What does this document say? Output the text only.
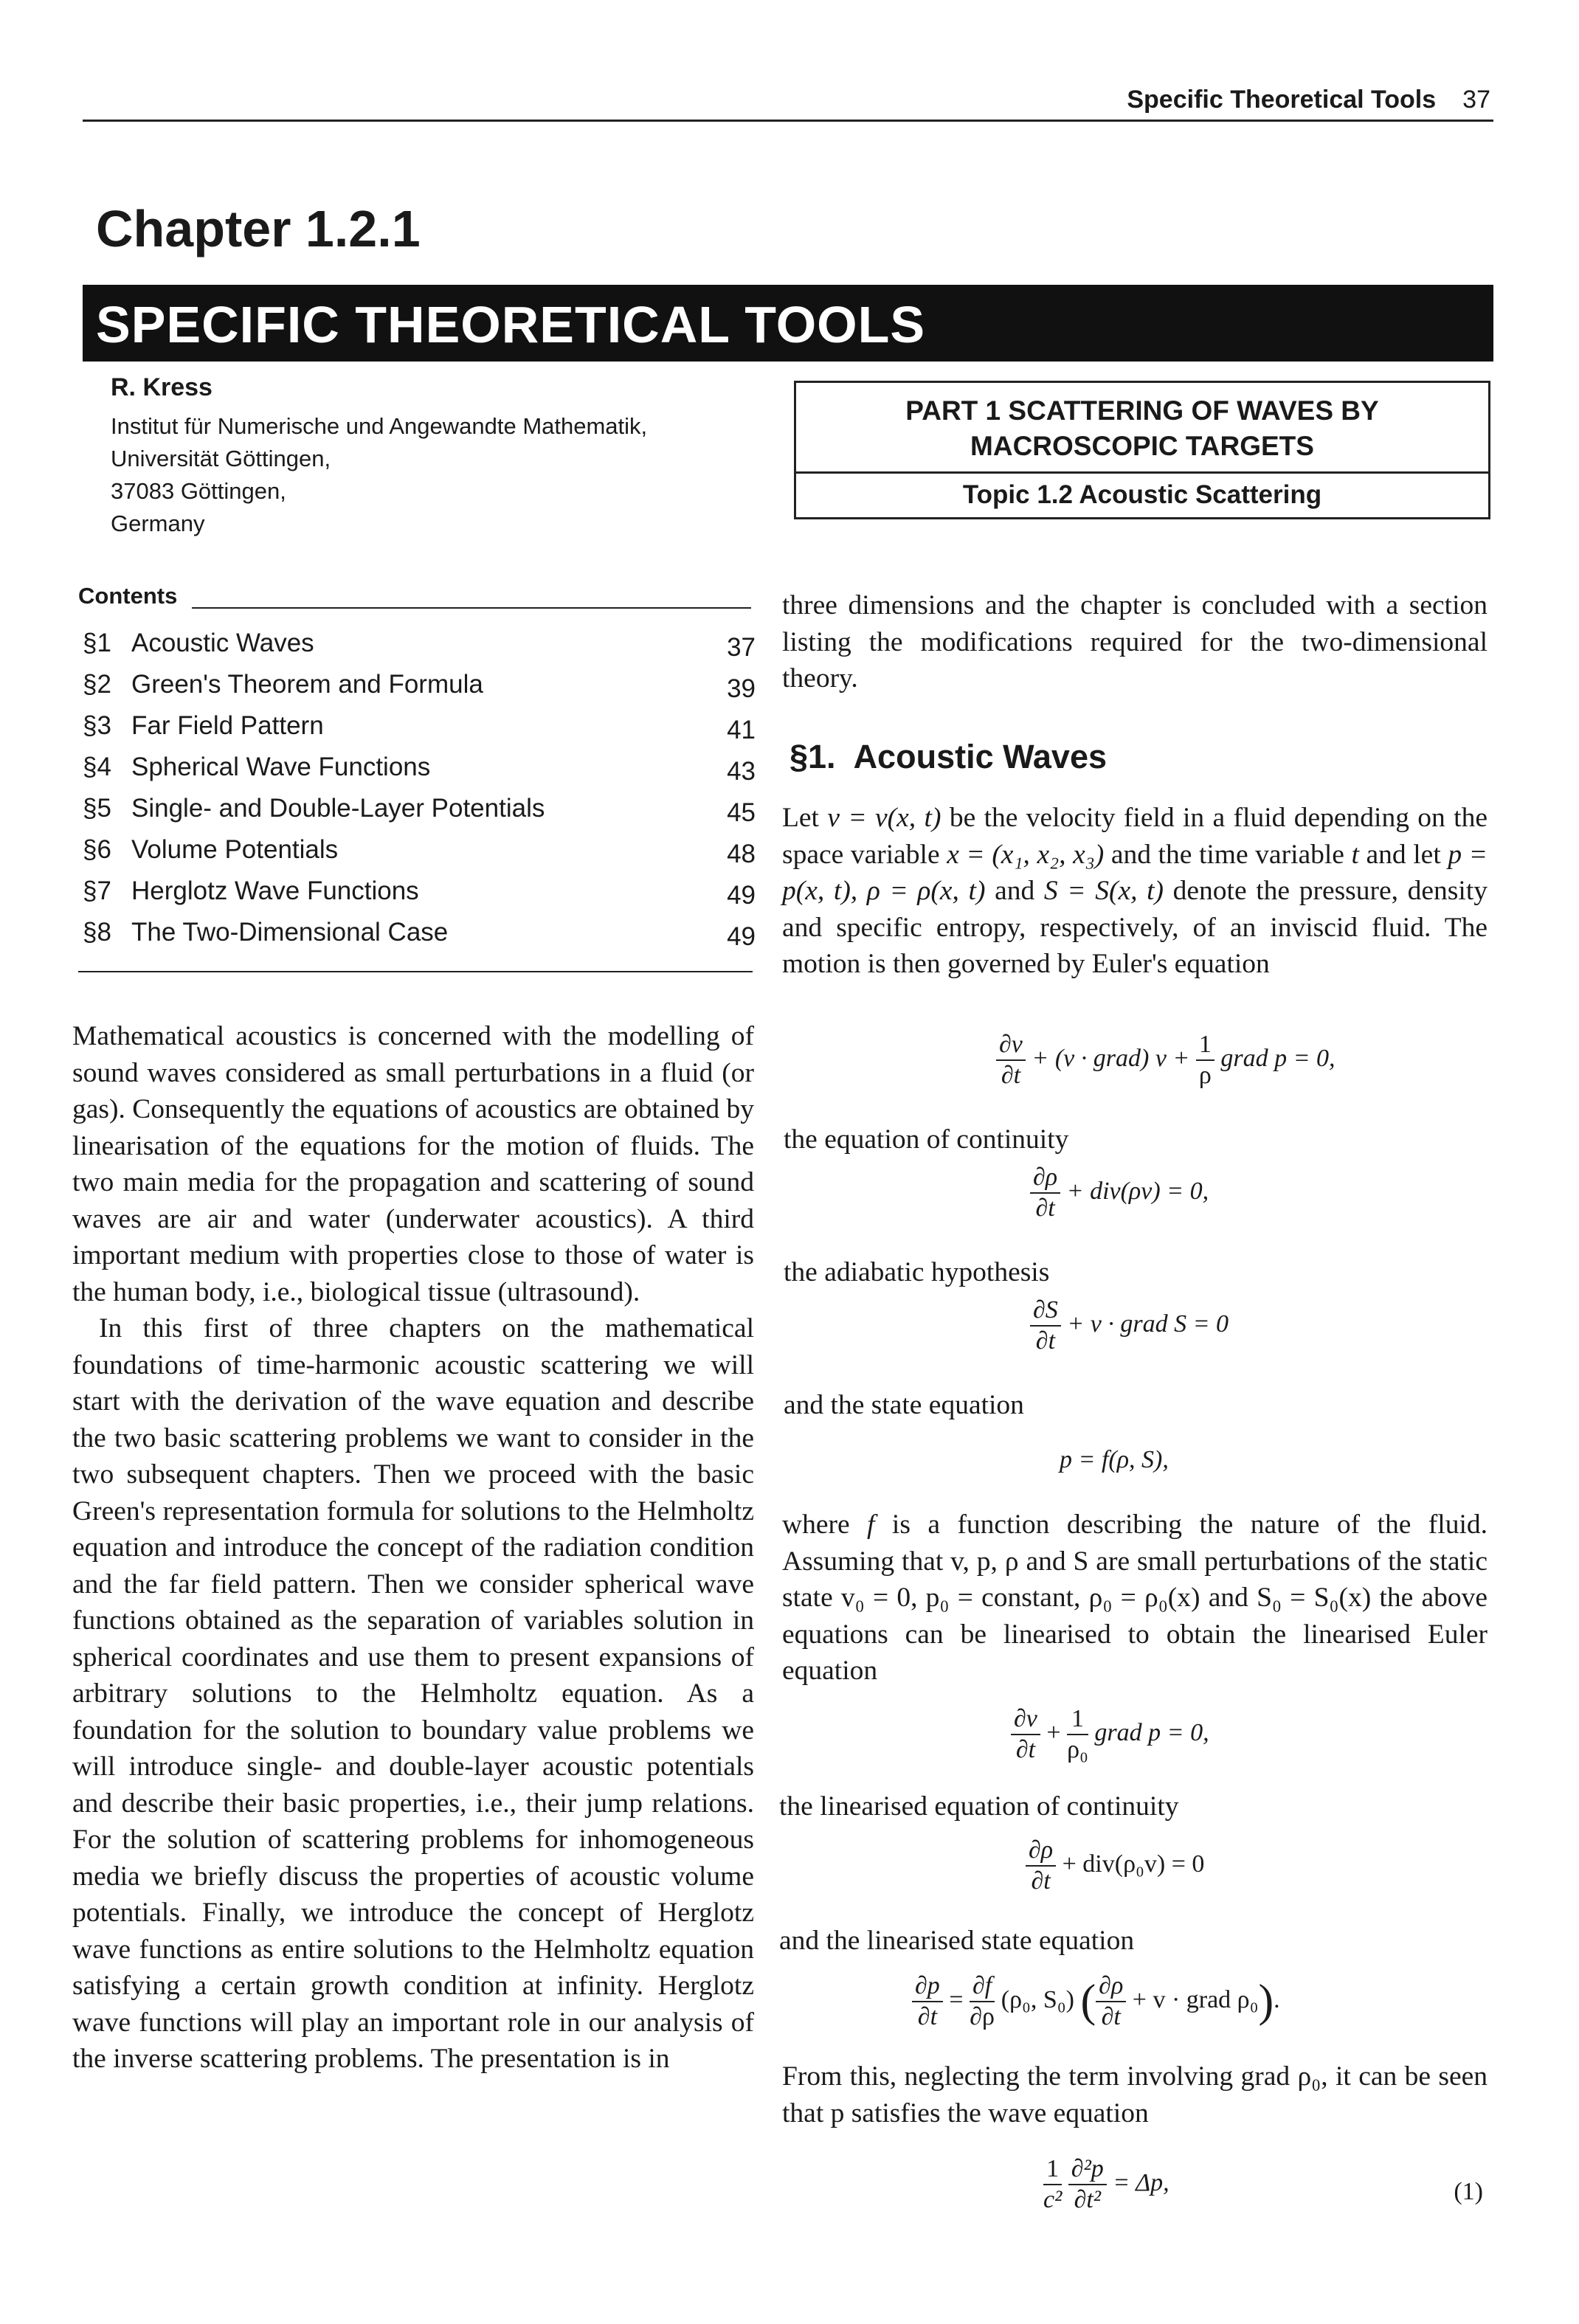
Specific Theoretical Tools 37
Chapter 1.2.1
SPECIFIC THEORETICAL TOOLS
R. Kress
Institut für Numerische und Angewandte Mathematik,
Universität Göttingen,
37083 Göttingen,
Germany
PART 1 SCATTERING OF WAVES BY
MACROSCOPIC TARGETS
Topic 1.2 Acoustic Scattering
Contents
§1 Acoustic Waves	37
§2 Green's Theorem and Formula	39
§3 Far Field Pattern	41
§4 Spherical Wave Functions	43
§5 Single- and Double-Layer Potentials	45
§6 Volume Potentials	48
§7 Herglotz Wave Functions	49
§8 The Two-Dimensional Case	49
Mathematical acoustics is concerned with the modelling of sound waves considered as small perturbations in a fluid (or gas). Consequently the equations of acoustics are obtained by linearisation of the equations for the motion of fluids. The two main media for the propagation and scattering of sound waves are air and water (underwater acoustics). A third important medium with properties close to those of water is the human body, i.e., biological tissue (ultrasound).
In this first of three chapters on the mathematical foundations of time-harmonic acoustic scattering we will start with the derivation of the wave equation and describe the two basic scattering problems we want to consider in the two subsequent chapters. Then we proceed with the basic Green's representation formula for solutions to the Helmholtz equation and introduce the concept of the radiation condition and the far field pattern. Then we consider spherical wave functions obtained as the separation of variables solution in spherical coordinates and use them to present expansions of arbitrary solutions to the Helmholtz equation. As a foundation for the solution to boundary value problems we will introduce single- and double-layer acoustic potentials and describe their basic properties, i.e., their jump relations. For the solution of scattering problems for inhomogeneous media we briefly discuss the properties of acoustic volume potentials. Finally, we introduce the concept of Herglotz wave functions as entire solutions to the Helmholtz equation satisfying a certain growth condition at infinity. Herglotz wave functions will play an important role in our analysis of the inverse scattering problems. The presentation is in
three dimensions and the chapter is concluded with a section listing the modifications required for the two-dimensional theory.
§1. Acoustic Waves
Let v = v(x, t) be the velocity field in a fluid depending on the space variable x = (x₁, x₂, x₃) and the time variable t and let p = p(x, t), ρ = ρ(x, t) and S = S(x, t) denote the pressure, density and specific entropy, respectively, of an inviscid fluid. The motion is then governed by Euler's equation
$\frac{\partial v}{\partial t} + (v$ · grad) $v + \frac{1}{\rho}$ grad p = 0,
the equation of continuity
$\frac{\partial\rho}{\partial t} + div(\rho v) = 0$,
the adiabatic hypothesis
$\frac{\partial S}{\partial t} + v$ · grad S = 0
and the state equation
p = f(ρ, S),
where f is a function describing the nature of the fluid. Assuming that v, p, ρ and S are small perturbations of the static state v₀ = 0, p₀ = constant, ρ₀ = ρ₀(x) and S₀ = S₀(x) the above equations can be linearised to obtain the linearised Euler equation
$\frac{\partial v}{\partial t} + \frac{1}{\text{ρ₀}}$ grad p = 0,
the linearised equation of continuity
$\frac{\partial\rho}{\partial t} + div(\rho_0v) = 0$
and the linearised state equation
$\frac{\partial p}{\partial t} = \frac{\partial f}{\partial\rho} (\rho_0$, S₀) ( $\frac{\partial\rho}{\partial t} + v$ · grad ρ₀).
From this, neglecting the term involving grad ρ₀, it can be seen that p satisfies the wave equation
$\frac{1}{\text{c²}}$
$\frac{\text{∂²p}}{\text{∂t²}} = \Delta p$,	(1)
